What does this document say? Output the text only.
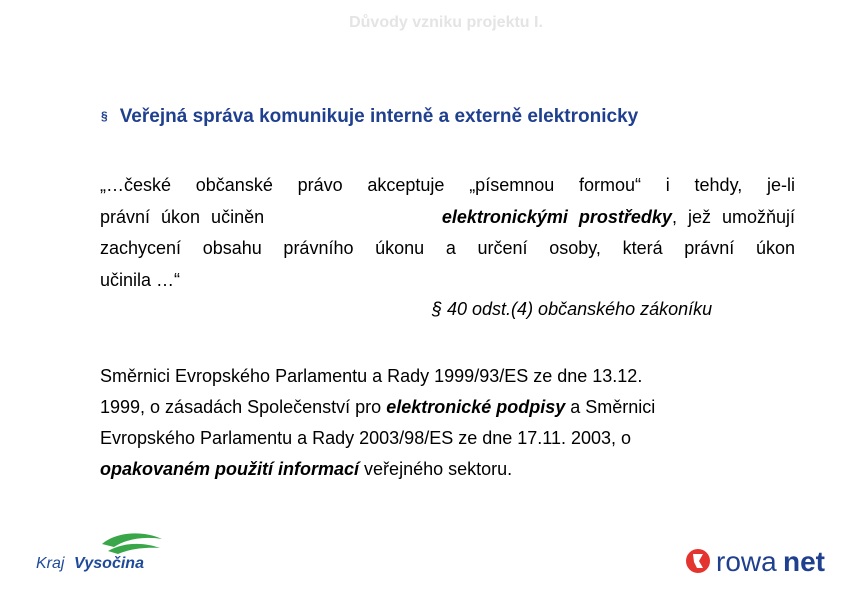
Důvody vzniku projektu I.
§ Veřejná správa komunikuje interně a externě elektronicky
„…české občanské právo akceptuje „písemnou formou“ i tehdy, je-li
právní úkon učiněn	elektronickými prostředky, jež umožňují
zachycení obsahu právního úkonu a určení osoby, která právní úkon
učinila …“
§ 40 odst.(4) občanského zákoníku
Směrnici Evropského Parlamentu a Rady 1999/93/ES ze dne 13.12.
1999, o zásadách Společenství pro elektronické podpisy a Směrnici
Evropského Parlamentu a Rady 2003/98/ES ze dne 17.11. 2003, o
opakovaném použití informací veřejného sektoru.
Kraj Vysočina	rowa net
